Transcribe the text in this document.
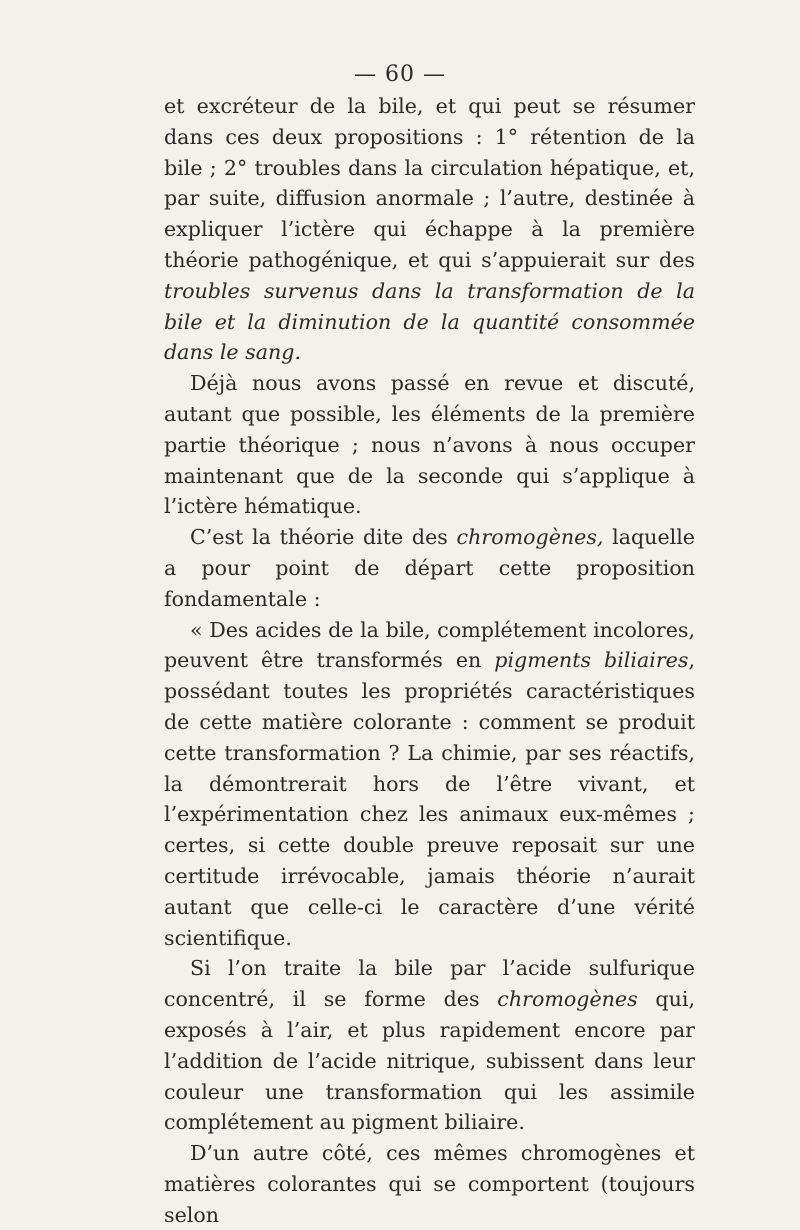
— 60 —

et excréteur de la bile, et qui peut se résumer dans ces deux propositions : 1° rétention de la bile ; 2° troubles dans la circulation hépatique, et, par suite, diffusion anormale ; l’autre, destinée à expliquer l’ictère qui échappe à la première théorie pathogénique, et qui s’appuierait sur des troubles survenus dans la transformation de la bile et la diminution de la quantité consommée dans le sang.

Déjà nous avons passé en revue et discuté, autant que possible, les éléments de la première partie théorique ; nous n’avons à nous occuper maintenant que de la seconde qui s’applique à l’ictère hématique.

C’est la théorie dite des chromogènes, laquelle a pour point de départ cette proposition fondamentale :

« Des acides de la bile, complétement incolores, peuvent être transformés en pigments biliaires, possédant toutes les propriétés caractéristiques de cette matière colorante : comment se produit cette transformation ? La chimie, par ses réactifs, la démontrerait hors de l’être vivant, et l’expérimentation chez les animaux eux-mêmes ; certes, si cette double preuve reposait sur une certitude irrévocable, jamais théorie n’aurait autant que celle-ci le caractère d’une vérité scientifique.

Si l’on traite la bile par l’acide sulfurique concentré, il se forme des chromogènes qui, exposés à l’air, et plus rapidement encore par l’addition de l’acide nitrique, subissent dans leur couleur une transformation qui les assimile complétement au pigment biliaire.

D’un autre côté, ces mêmes chromogènes et matières colorantes qui se comportent (toujours selon
